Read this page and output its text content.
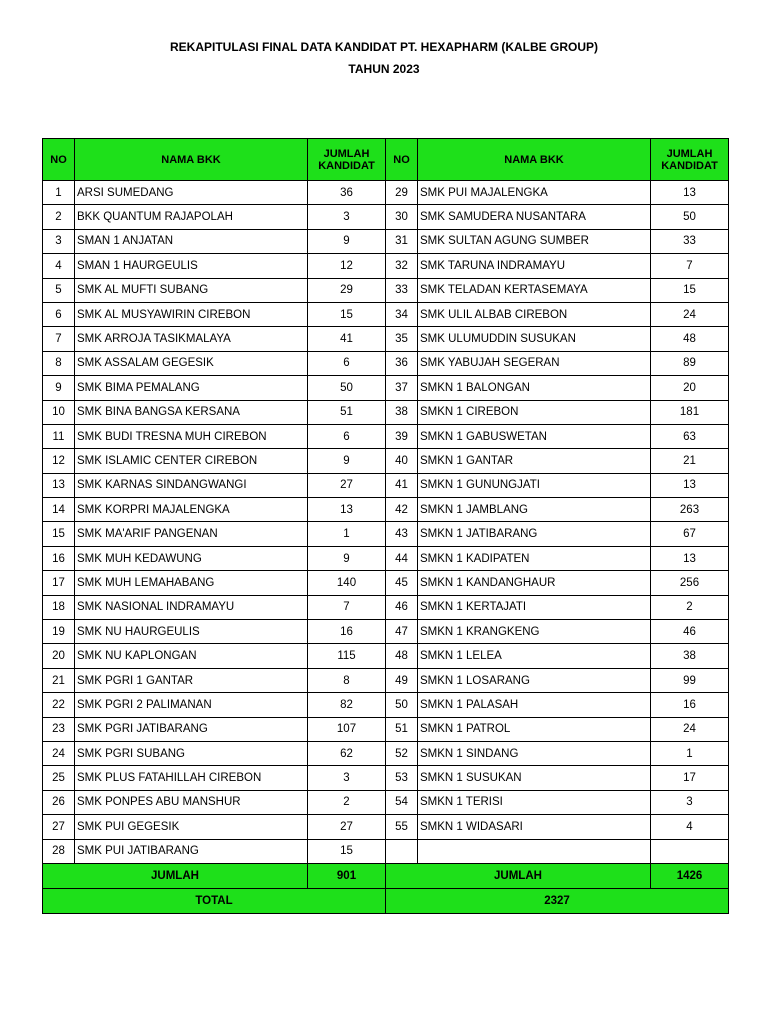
REKAPITULASI FINAL DATA KANDIDAT PT. HEXAPHARM (KALBE GROUP)
TAHUN 2023
NO	NAMA BKK	JUMLAH KANDIDAT	NO	NAMA BKK	JUMLAH KANDIDAT
1	ARSI SUMEDANG	36	29	SMK PUI MAJALENGKA	13
2	BKK QUANTUM RAJAPOLAH	3	30	SMK SAMUDERA NUSANTARA	50
3	SMAN 1 ANJATAN	9	31	SMK SULTAN AGUNG SUMBER	33
4	SMAN 1 HAURGEULIS	12	32	SMK TARUNA INDRAMAYU	7
5	SMK AL MUFTI SUBANG	29	33	SMK TELADAN KERTASEMAYA	15
6	SMK AL MUSYAWIRIN CIREBON	15	34	SMK ULIL ALBAB CIREBON	24
7	SMK ARROJA TASIKMALAYA	41	35	SMK ULUMUDDIN SUSUKAN	48
8	SMK ASSALAM GEGESIK	6	36	SMK YABUJAH SEGERAN	89
9	SMK BIMA PEMALANG	50	37	SMKN 1 BALONGAN	20
10	SMK BINA BANGSA KERSANA	51	38	SMKN 1 CIREBON	181
11	SMK BUDI TRESNA MUH CIREBON	6	39	SMKN 1 GABUSWETAN	63
12	SMK ISLAMIC CENTER CIREBON	9	40	SMKN 1 GANTAR	21
13	SMK KARNAS SINDANGWANGI	27	41	SMKN 1 GUNUNGJATI	13
14	SMK KORPRI MAJALENGKA	13	42	SMKN 1 JAMBLANG	263
15	SMK MA'ARIF PANGENAN	1	43	SMKN 1 JATIBARANG	67
16	SMK MUH KEDAWUNG	9	44	SMKN 1 KADIPATEN	13
17	SMK MUH LEMAHABANG	140	45	SMKN 1 KANDANGHAUR	256
18	SMK NASIONAL INDRAMAYU	7	46	SMKN 1 KERTAJATI	2
19	SMK NU HAURGEULIS	16	47	SMKN 1 KRANGKENG	46
20	SMK NU KAPLONGAN	115	48	SMKN 1 LELEA	38
21	SMK PGRI 1 GANTAR	8	49	SMKN 1 LOSARANG	99
22	SMK PGRI 2 PALIMANAN	82	50	SMKN 1 PALASAH	16
23	SMK PGRI JATIBARANG	107	51	SMKN 1 PATROL	24
24	SMK PGRI SUBANG	62	52	SMKN 1 SINDANG	1
25	SMK PLUS FATAHILLAH CIREBON	3	53	SMKN 1 SUSUKAN	17
26	SMK PONPES ABU MANSHUR	2	54	SMKN 1 TERISI	3
27	SMK PUI GEGESIK	27	55	SMKN 1 WIDASARI	4
28	SMK PUI JATIBARANG	15			
JUMLAH		901	JUMLAH		1426
TOTAL			2327		
